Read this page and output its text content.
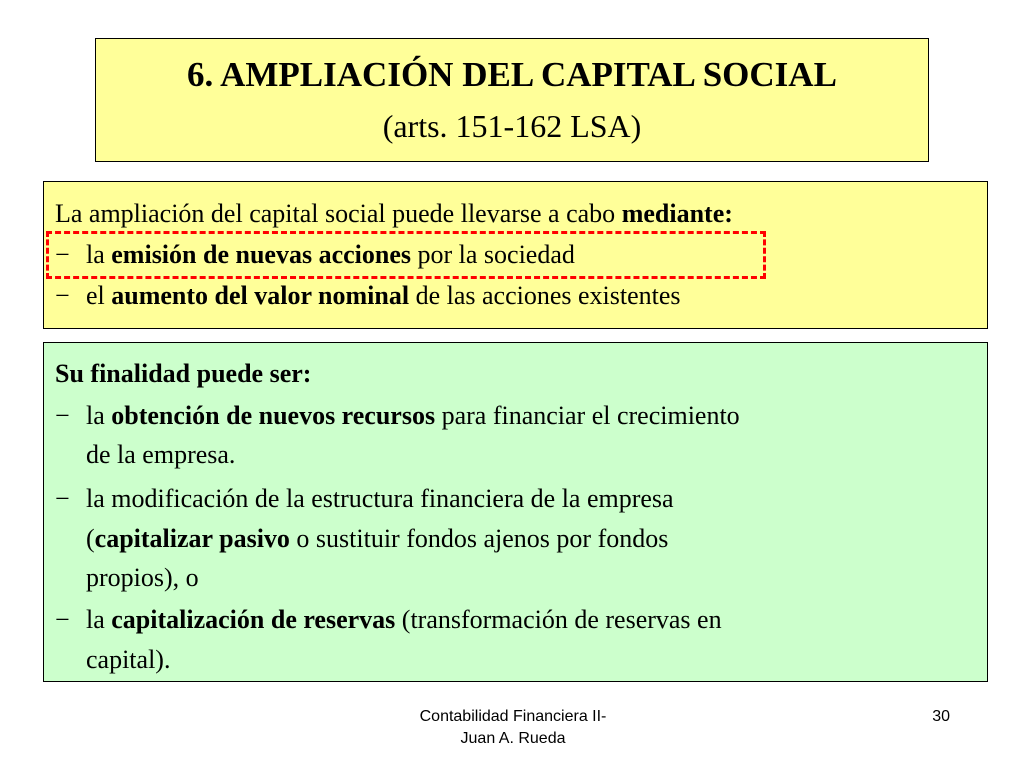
6. AMPLIACIÓN DEL CAPITAL SOCIAL
(arts. 151-162 LSA)
La ampliación del capital social puede llevarse a cabo mediante:
− la emisión de nuevas acciones por la sociedad
− el aumento del valor nominal de las acciones existentes
Su finalidad puede ser:
− la obtención de nuevos recursos para financiar el crecimiento
de la empresa.
− la modificación de la estructura financiera de la empresa
(capitalizar pasivo o sustituir fondos ajenos por fondos
propios), o
− la capitalización de reservas (transformación de reservas en
capital).
Contabilidad Financiera II-
Juan A. Rueda
30
